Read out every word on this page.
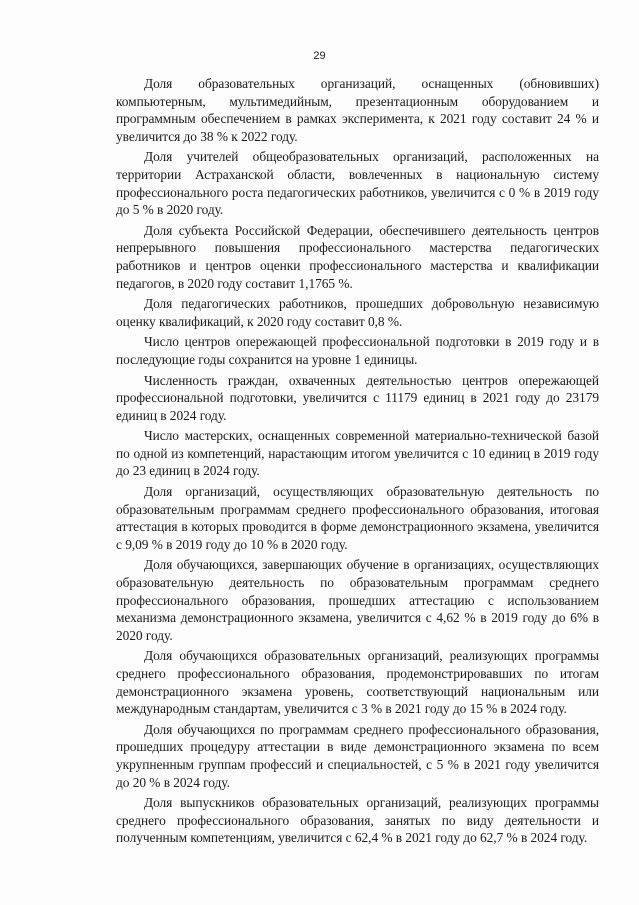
29

Доля образовательных организаций, оснащенных (обновивших) компьютерным, мультимедийным, презентационным оборудованием и программным обеспечением в рамках эксперимента, к 2021 году составит 24 % и увеличится до 38 % к 2022 году.

Доля учителей общеобразовательных организаций, расположенных на территории Астраханской области, вовлеченных в национальную систему профессионального роста педагогических работников, увеличится с 0 % в 2019 году до 5 % в 2020 году.

Доля субъекта Российской Федерации, обеспечившего деятельность центров непрерывного повышения профессионального мастерства педагогических работников и центров оценки профессионального мастерства и квалификации педагогов, в 2020 году составит 1,1765 %.

Доля педагогических работников, прошедших добровольную независимую оценку квалификаций, к 2020 году составит 0,8 %.

Число центров опережающей профессиональной подготовки в 2019 году и в последующие годы сохранится на уровне 1 единицы.

Численность граждан, охваченных деятельностью центров опережающей профессиональной подготовки, увеличится с 11179 единиц в 2021 году до 23179 единиц в 2024 году.

Число мастерских, оснащенных современной материально-технической базой по одной из компетенций, нарастающим итогом увеличится с 10 единиц в 2019 году до 23 единиц в 2024 году.

Доля организаций, осуществляющих образовательную деятельность по образовательным программам среднего профессионального образования, итоговая аттестация в которых проводится в форме демонстрационного экзамена, увеличится с 9,09 % в 2019 году до 10 % в 2020 году.

Доля обучающихся, завершающих обучение в организациях, осуществляющих образовательную деятельность по образовательным программам среднего профессионального образования, прошедших аттестацию с использованием механизма демонстрационного экзамена, увеличится с 4,62 % в 2019 году до 6% в 2020 году.

Доля обучающихся образовательных организаций, реализующих программы среднего профессионального образования, продемонстрировавших по итогам демонстрационного экзамена уровень, соответствующий национальным или международным стандартам, увеличится с 3 % в 2021 году до 15 % в 2024 году.

Доля обучающихся по программам среднего профессионального образования, прошедших процедуру аттестации в виде демонстрационного экзамена по всем укрупненным группам профессий и специальностей, с 5 % в 2021 году увеличится до 20 % в 2024 году.

Доля выпускников образовательных организаций, реализующих программы среднего профессионального образования, занятых по виду деятельности и полученным компетенциям, увеличится с 62,4 % в 2021 году до 62,7 % в 2024 году.
